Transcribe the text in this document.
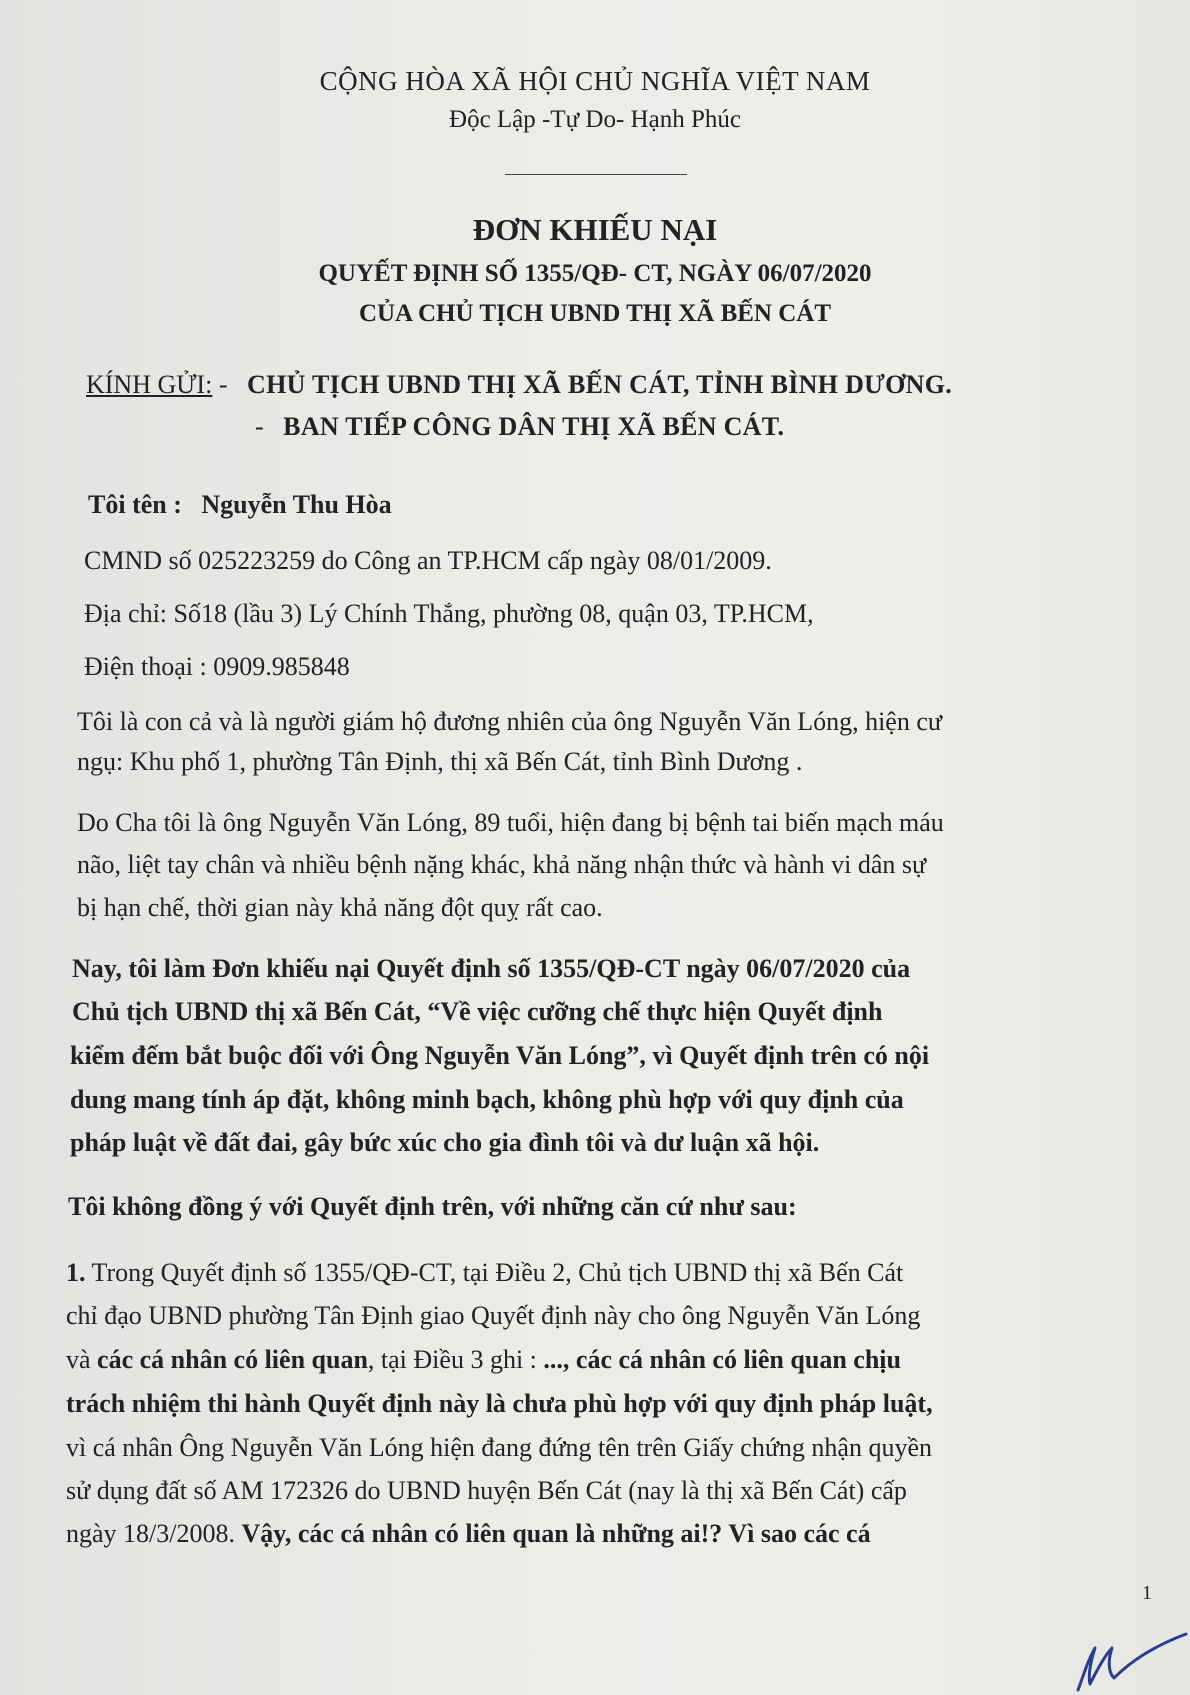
CỘNG HÒA XÃ HỘI CHỦ NGHĨA VIỆT NAM
Độc Lập -Tự Do- Hạnh Phúc
ĐƠN KHIẾU NẠI
QUYẾT ĐỊNH SỐ 1355/QĐ- CT, NGÀY 06/07/2020
CỦA CHỦ TỊCH UBND THỊ XÃ BẾN CÁT
KÍNH GỬI: -   CHỦ TỊCH UBND THỊ XÃ BẾN CÁT, TỈNH BÌNH DƯƠNG.
-   BAN TIẾP CÔNG DÂN THỊ XÃ BẾN CÁT.
Tôi tên :   Nguyễn Thu Hòa
CMND số 025223259 do Công an TP.HCM cấp ngày 08/01/2009.
Địa chỉ: Số18 (lầu 3) Lý Chính Thắng, phường 08, quận 03, TP.HCM,
Điện thoại : 0909.985848
Tôi là con cả và là người giám hộ đương nhiên của ông Nguyễn Văn Lóng, hiện cư
ngụ: Khu phố 1, phường Tân Định, thị xã Bến Cát, tỉnh Bình Dương .
Do Cha tôi là ông Nguyễn Văn Lóng, 89 tuổi, hiện đang bị bệnh tai biến mạch máu
não, liệt tay chân và nhiều bệnh nặng khác, khả năng nhận thức và hành vi dân sự
bị hạn chế, thời gian này khả năng đột quỵ rất cao.
Nay, tôi làm Đơn khiếu nại Quyết định số 1355/QĐ-CT ngày 06/07/2020 của
Chủ tịch UBND thị xã Bến Cát, “Về việc cưỡng chế thực hiện Quyết định
kiểm đếm bắt buộc đối với Ông Nguyễn Văn Lóng”, vì Quyết định trên có nội
dung mang tính áp đặt, không minh bạch, không phù hợp với quy định của
pháp luật về đất đai, gây bức xúc cho gia đình tôi và dư luận xã hội.
Tôi không đồng ý với Quyết định trên, với những căn cứ như sau:
1. Trong Quyết định số 1355/QĐ-CT, tại Điều 2, Chủ tịch UBND thị xã Bến Cát
chỉ đạo UBND phường Tân Định giao Quyết định này cho ông Nguyễn Văn Lóng
và các cá nhân có liên quan, tại Điều 3 ghi : ..., các cá nhân có liên quan chịu
trách nhiệm thi hành Quyết định này là chưa phù hợp với quy định pháp luật,
vì cá nhân Ông Nguyễn Văn Lóng hiện đang đứng tên trên Giấy chứng nhận quyền
sử dụng đất số AM 172326 do UBND huyện Bến Cát (nay là thị xã Bến Cát) cấp
ngày 18/3/2008. Vậy, các cá nhân có liên quan là những ai!? Vì sao các cá
1
